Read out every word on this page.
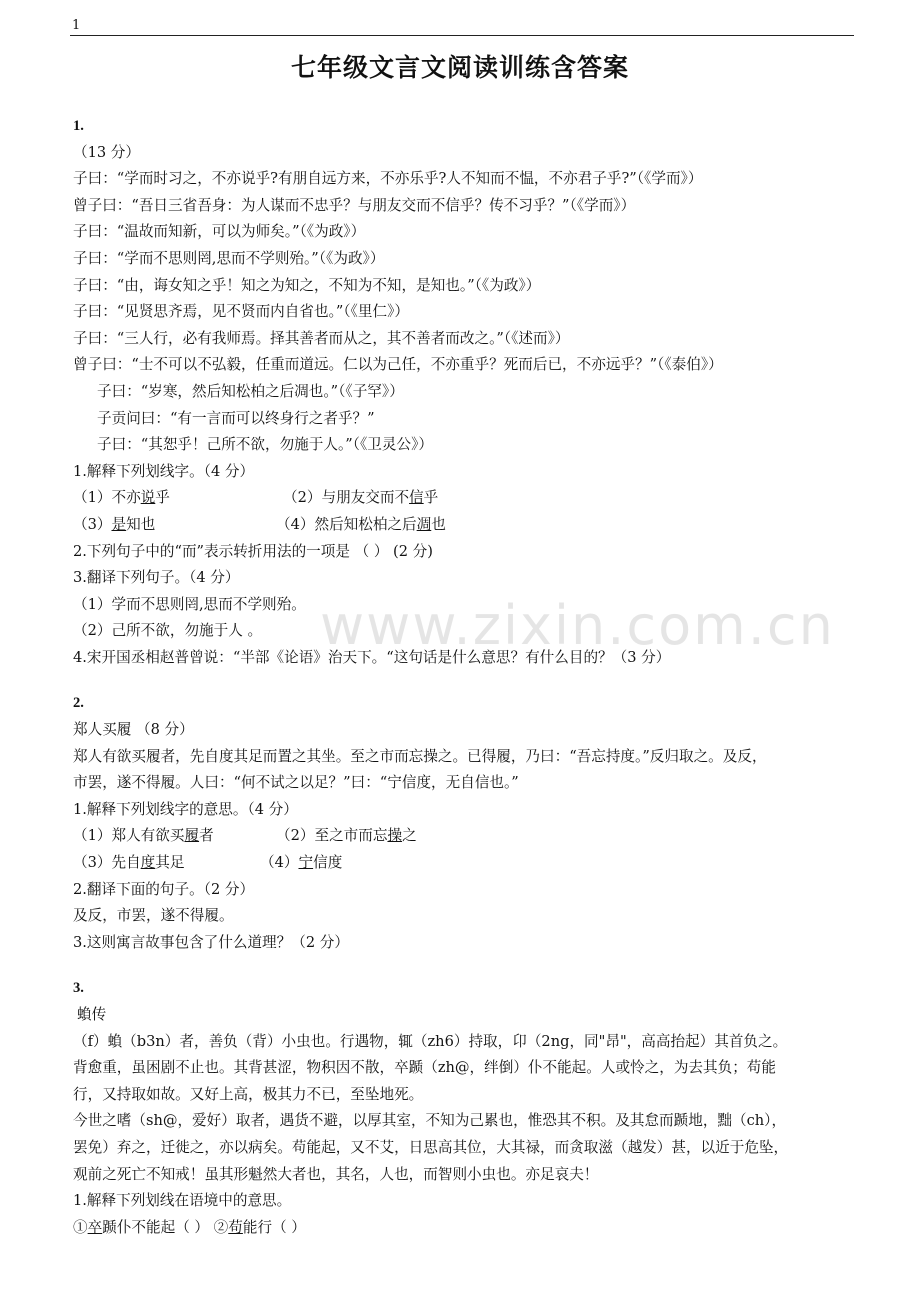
1
七年级文言文阅读训练含答案
www.zixin.com.cn
1.
（13 分）
子曰：“学而时习之，不亦说乎?有朋自远方来，不亦乐乎?人不知而不愠，不亦君子乎?”（《学而》）
曾子曰：“吾日三省吾身：为人谋而不忠乎？与朋友交而不信乎？传不习乎？”（《学而》）
子曰：“温故而知新，可以为师矣。”（《为政》）
子曰：“学而不思则罔,思而不学则殆。”（《为政》）
子曰：“由，诲女知之乎！知之为知之，不知为不知，是知也。”（《为政》）
子曰：“见贤思齐焉，见不贤而内自省也。”（《里仁》）
子曰：“三人行，必有我师焉。择其善者而从之，其不善者而改之。”（《述而》）
曾子曰：“士不可以不弘毅，任重而道远。仁以为己任，不亦重乎？死而后已，不亦远乎？”（《泰伯》）
子曰：“岁寒，然后知松柏之后凋也。”（《子罕》）
子贡问曰：“有一言而可以终身行之者乎？”
子曰：“其恕乎！己所不欲，勿施于人。”（《卫灵公》）
1.解释下列划线字。（4 分）
（1）不亦说乎	（2）与朋友交而不信乎
（3）是知也	（4）然后知松柏之后凋也
2.下列句子中的“而”表示转折用法的一项是 （ ） (2 分)
3.翻译下列句子。（4 分）
（1）学而不思则罔,思而不学则殆。
（2）己所不欲，勿施于人 。
4.宋开国丞相赵普曾说：“半部《论语》治天下。“这句话是什么意思？有什么目的？（3 分）
2.
郑人买履 （8 分）
郑人有欲买履者，先自度其足而置之其坐。至之市而忘操之。已得履，乃曰：“吾忘持度。”反归取之。及反，
市罢，遂不得履。人曰：“何不试之以足？”曰：“宁信度，无自信也。”
1.解释下列划线字的意思。（4 分）
（1）郑人有欲买履者	（2）至之市而忘操之
（3）先自度其足	（4）宁信度
2.翻译下面的句子。（2 分）
及反，市罢，遂不得履。
3.这则寓言故事包含了什么道理？（2 分）
3.
蝜传
（f）蝜（b3n）者，善负（背）小虫也。行遇物，辄（zh6）持取，卬（2ng，同"昂"，高高抬起）其首负之。
背愈重，虽困剧不止也。其背甚涩，物积因不散，卒踬（zh@，绊倒）仆不能起。人或怜之，为去其负；苟能
行，又持取如故。又好上高，极其力不已，至坠地死。
今世之嗜（sh@，爱好）取者，遇货不避，以厚其室，不知为己累也，惟恐其不积。及其怠而踬地，黜（ch），
罢免）弃之，迁徙之，亦以病矣。苟能起，又不艾，日思高其位，大其禄，而贪取滋（越发）甚，以近于危坠，
观前之死亡不知戒！虽其形魁然大者也，其名，人也，而智则小虫也。亦足哀夫！
1.解释下列划线在语境中的意思。
①卒踬仆不能起（ ） ②苟能行（ ）
